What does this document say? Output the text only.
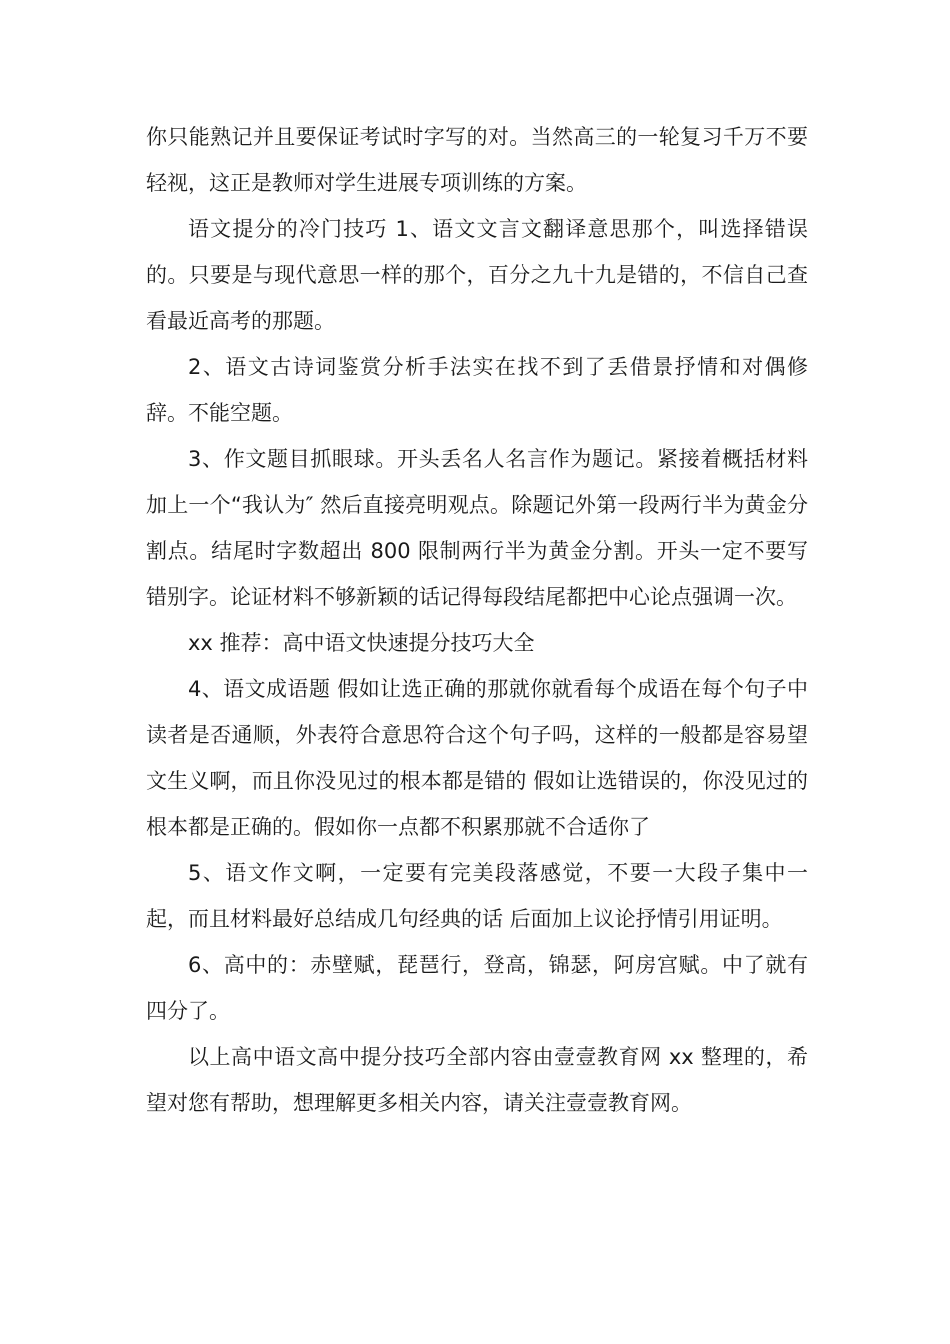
你只能熟记并且要保证考试时字写的对。当然高三的一轮复习千万不要轻视，这正是教师对学生进展专项训练的方案。

语文提分的冷门技巧 1、语文文言文翻译意思那个，叫选择错误的。只要是与现代意思一样的那个，百分之九十九是错的，不信自己查看最近高考的那题。

2、语文古诗词鉴赏分析手法实在找不到了丢借景抒情和对偶修辞。不能空题。

3、作文题目抓眼球。开头丢名人名言作为题记。紧接着概括材料加上一个“我认为″ 然后直接亮明观点。除题记外第一段两行半为黄金分割点。结尾时字数超出 800 限制两行半为黄金分割。开头一定不要写错别字。论证材料不够新颖的话记得每段结尾都把中心论点强调一次。

xx 推荐：高中语文快速提分技巧大全

4、语文成语题 假如让选正确的那就你就看每个成语在每个句子中读者是否通顺，外表符合意思符合这个句子吗，这样的一般都是容易望文生义啊，而且你没见过的根本都是错的 假如让选错误的，你没见过的根本都是正确的。假如你一点都不积累那就不合适你了

5、语文作文啊，一定要有完美段落感觉，不要一大段子集中一起，而且材料最好总结成几句经典的话 后面加上议论抒情引用证明。

6、高中的：赤壁赋，琵琶行，登高，锦瑟，阿房宫赋。中了就有四分了。

以上高中语文高中提分技巧全部内容由壹壹教育网 xx 整理的，希望对您有帮助，想理解更多相关内容，请关注壹壹教育网。
